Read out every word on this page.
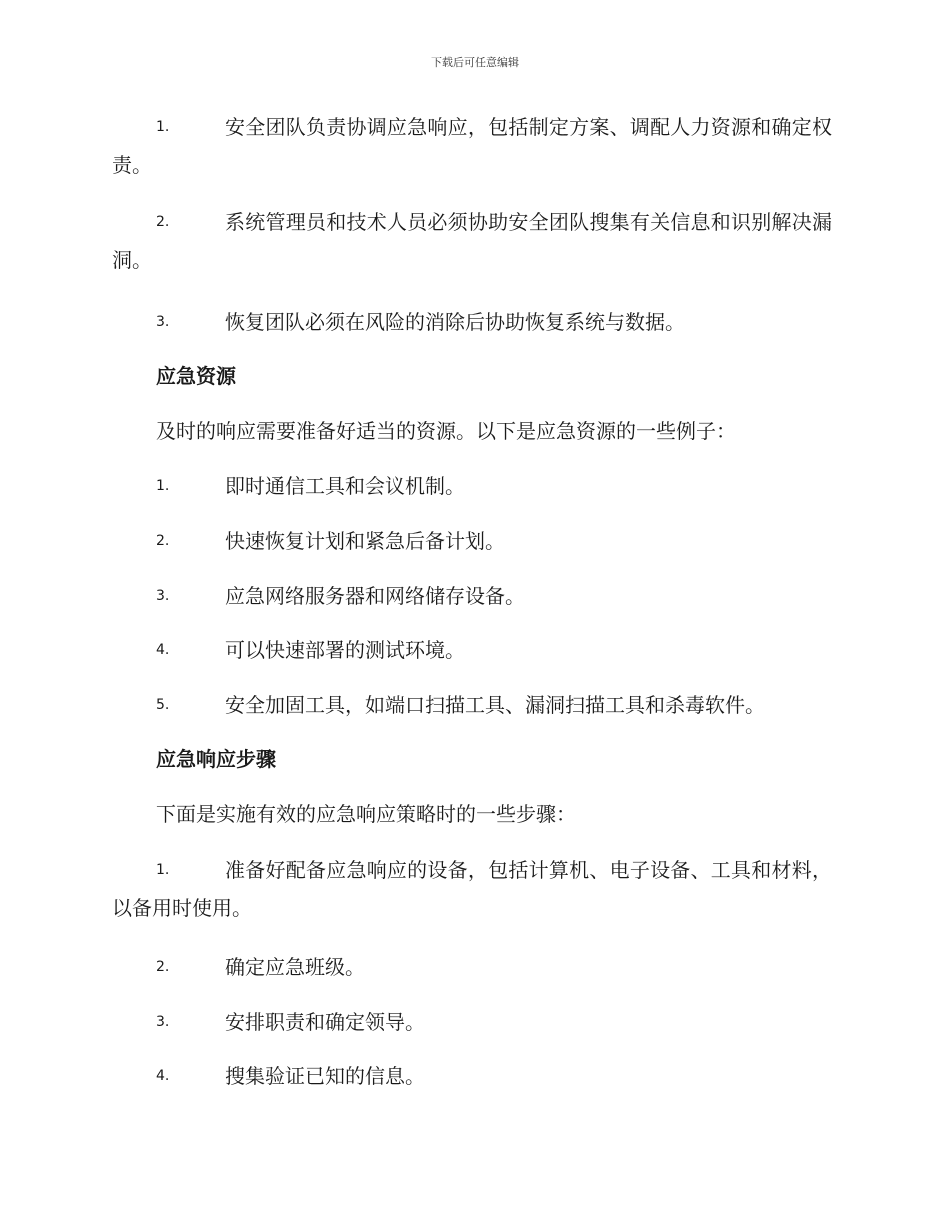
下载后可任意编辑
1.	安全团队负责协调应急响应，包括制定方案、调配人力资源和确定权责。
2.	系统管理员和技术人员必须协助安全团队搜集有关信息和识别解决漏洞。
3.	恢复团队必须在风险的消除后协助恢复系统与数据。
应急资源
及时的响应需要准备好适当的资源。以下是应急资源的一些例子：
1.	即时通信工具和会议机制。
2.	快速恢复计划和紧急后备计划。
3.	应急网络服务器和网络储存设备。
4.	可以快速部署的测试环境。
5.	安全加固工具，如端口扫描工具、漏洞扫描工具和杀毒软件。
应急响应步骤
下面是实施有效的应急响应策略时的一些步骤：
1.	准备好配备应急响应的设备，包括计算机、电子设备、工具和材料，以备用时使用。
2.	确定应急班级。
3.	安排职责和确定领导。
4.	搜集验证已知的信息。
